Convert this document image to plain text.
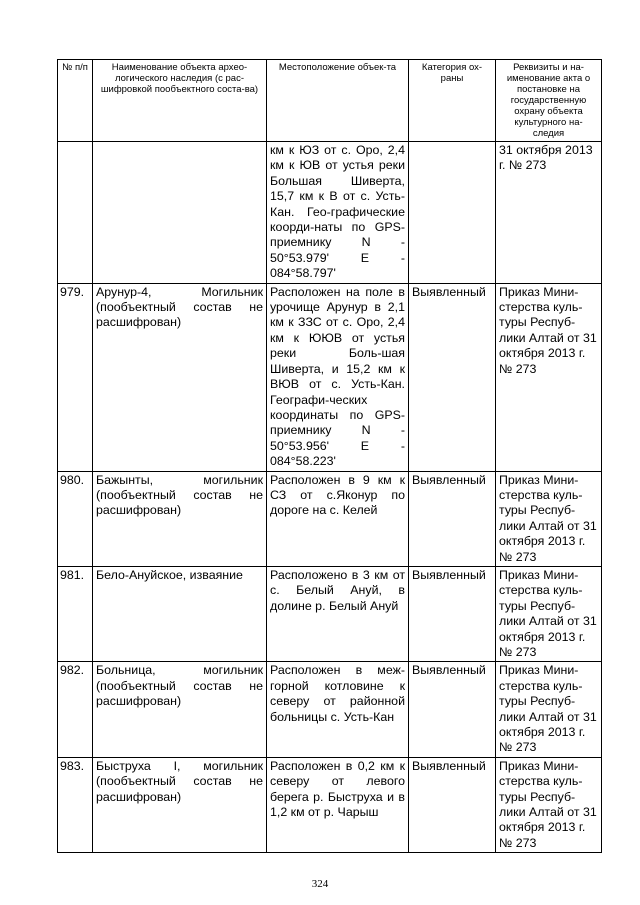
№ п/п	Наименование объекта архео-логического наследия (с рас-шифровкой пообъектного соста-ва)	Местоположение объек-та	Категория ох-раны	Реквизиты и на-именование акта о постановке на государственную охрану объекта культурного на-следия
		км к ЮЗ от с. Оро, 2,4 км к ЮВ от устья реки Большая Шиверта, 15,7 км к В от с. Усть-Кан. Гео-графические коорди-наты по GPS-приемнику N - 50°53.979' E - 084°58.797'		31 октября 2013 г. № 273
979.	Арунур-4, Могильник (пообъектный состав не расшифрован)	Расположен на поле в урочище Арунур в 2,1 км к ЗЗС от с. Оро, 2,4 км к ЮЮВ от устья реки Боль-шая Шиверта, и 15,2 км к ВЮВ от с. Усть-Кан. Географи-ческих координаты по GPS-приемнику N - 50°53.956' E - 084°58.223'	Выявленный	Приказ Мини-стерства куль-туры Респуб-лики Алтай от 31 октября 2013 г. № 273
980.	Бажынты, могильник (пообъектный состав не расшифрован)	Расположен в 9 км к СЗ от с.Яконур по дороге на с. Келей	Выявленный	Приказ Мини-стерства куль-туры Респуб-лики Алтай от 31 октября 2013 г. № 273
981.	Бело-Ануйское, изваяние	Расположено в 3 км от с. Белый Ануй, в долине р. Белый Ануй	Выявленный	Приказ Мини-стерства куль-туры Респуб-лики Алтай от 31 октября 2013 г. № 273
982.	Больница, могильник (пообъектный состав не расшифрован)	Расположен в меж-горной котловине к северу от районной больницы с. Усть-Кан	Выявленный	Приказ Мини-стерства куль-туры Респуб-лики Алтай от 31 октября 2013 г. № 273
983.	Быструха I, могильник (пообъектный состав не расшифрован)	Расположен в 0,2 км к северу от левого берега р. Быструха и в 1,2 км от р. Чарыш	Выявленный	Приказ Мини-стерства куль-туры Респуб-лики Алтай от 31 октября 2013 г. № 273
324
